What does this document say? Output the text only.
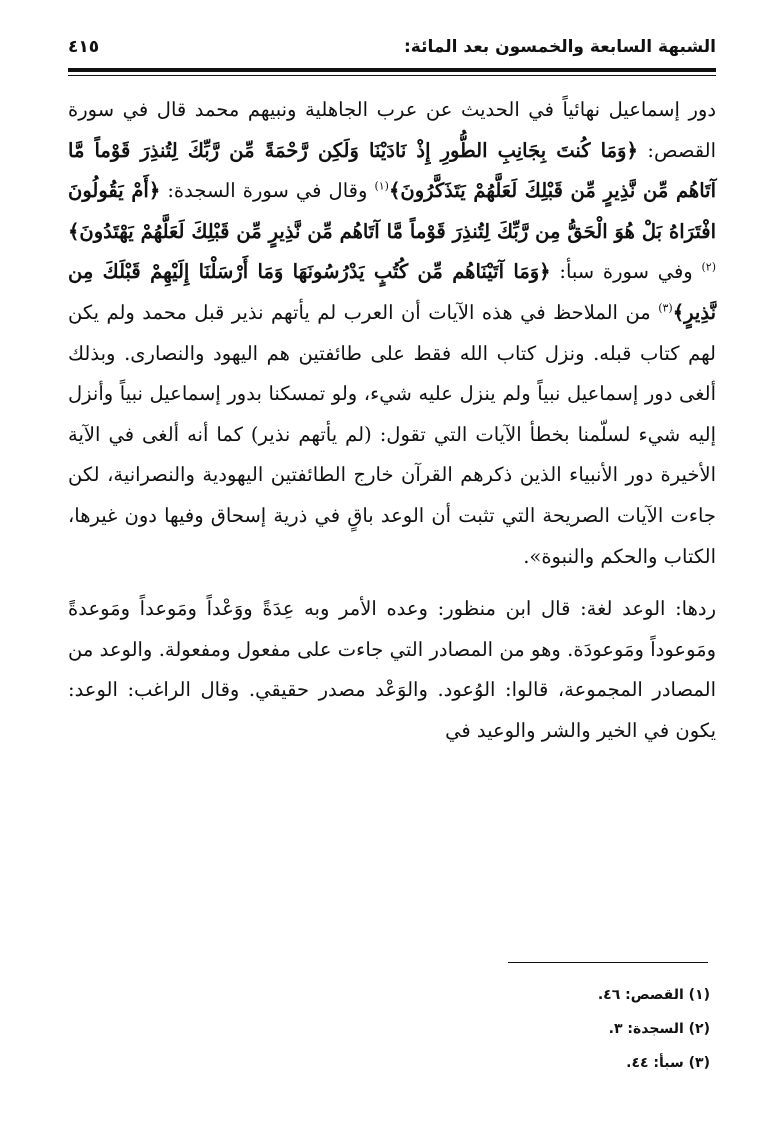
الشبهة السابعة والخمسون بعد المائة:
٤١٥

دور إسماعيل نهائياً في الحديث عن عرب الجاهلية ونبيهم محمد قال في سورة القصص: ﴿وَمَا كُنتَ بِجَانِبِ الطُّورِ إِذْ نَادَيْنَا وَلَكِن رَّحْمَةً مِّن رَّبِّكَ لِتُنذِرَ قَوْماً مَّا آتَاهُم مِّن نَّذِيرٍ مِّن قَبْلِكَ لَعَلَّهُمْ يَتَذَكَّرُونَ﴾$^{(١)}$ وقال في سورة السجدة: ﴿أَمْ يَقُولُونَ افْتَرَاهُ بَلْ هُوَ الْحَقُّ مِن رَّبِّكَ لِتُنذِرَ قَوْماً مَّا آتَاهُم مِّن نَّذِيرٍ مِّن قَبْلِكَ لَعَلَّهُمْ يَهْتَدُونَ﴾$^{(٢)}$ وفي سورة سبأ: ﴿وَمَا آتَيْنَاهُم مِّن كُتُبٍ يَدْرُسُونَهَا وَمَا أَرْسَلْنَا إِلَيْهِمْ قَبْلَكَ مِن نَّذِيرٍ﴾$^{(٣)}$ من الملاحظ في هذه الآيات أن العرب لم يأتهم نذير قبل محمد ولم يكن لهم كتاب قبله. ونزل كتاب الله فقط على طائفتين هم اليهود والنصارى. وبذلك ألغى دور إسماعيل نبياً ولم ينزل عليه شيء، ولو تمسكنا بدور إسماعيل نبياً وأنزل إليه شيء لسلّمنا بخطأ الآيات التي تقول: (لم يأتهم نذير) كما أنه ألغى في الآية الأخيرة دور الأنبياء الذين ذكرهم القرآن خارج الطائفتين اليهودية والنصرانية، لكن جاءت الآيات الصريحة التي تثبت أن الوعد باقٍ في ذرية إسحاق وفيها دون غيرها، الكتاب والحكم والنبوة».

ردها: الوعد لغة: قال ابن منظور: وعده الأمر وبه عِدَةً ووَعْداً ومَوعداً ومَوعدةً ومَوعوداً ومَوعودَة. وهو من المصادر التي جاءت على مفعول ومفعولة. والوعد من المصادر المجموعة، قالوا: الوُعود. والوَعْد مصدر حقيقي. وقال الراغب: الوعد: يكون في الخير والشر والوعيد في

(١) القصص: ٤٦.
(٢) السجدة: ٣.
(٣) سبأ: ٤٤.
